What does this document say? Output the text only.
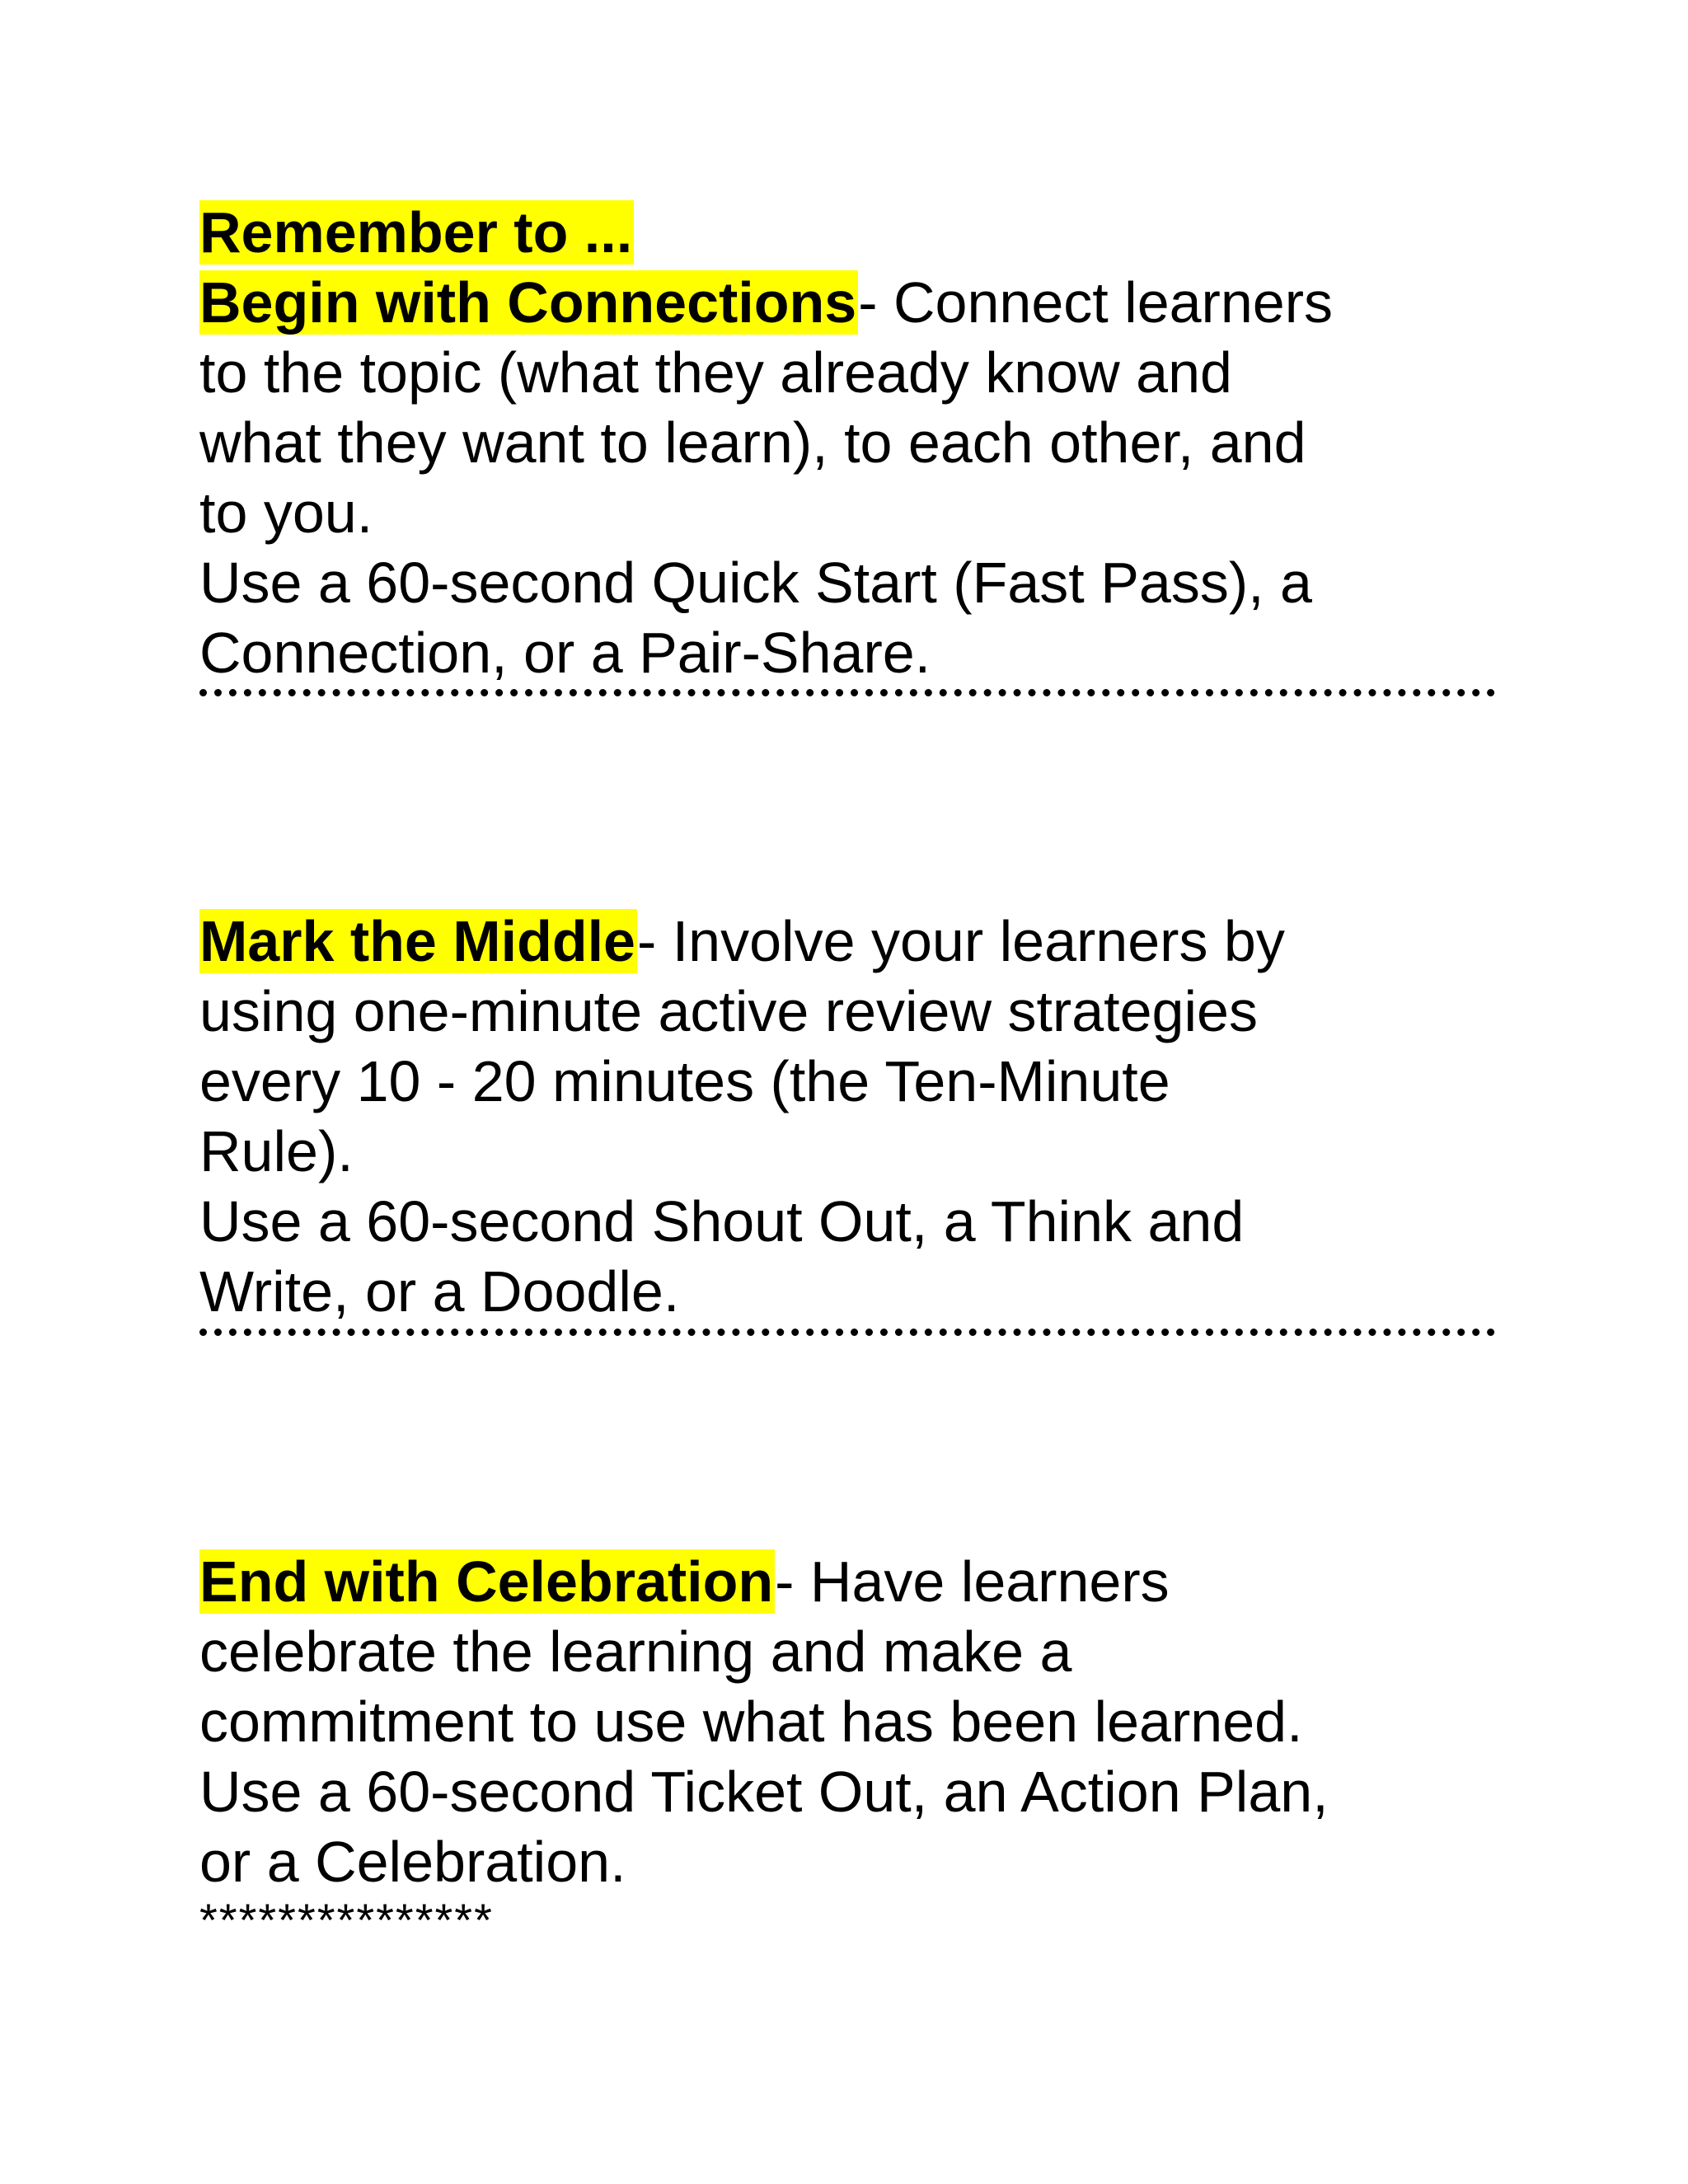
Remember to ...
Begin with Connections- Connect learners
to the topic (what they already know and
what they want to learn), to each other, and
to you.
Use a 60-second Quick Start (Fast Pass), a
Connection, or a Pair-Share.
Mark the Middle- Involve your learners by
using one-minute active review strategies
every 10 - 20 minutes (the Ten-Minute
Rule).
Use a 60-second Shout Out, a Think and
Write, or a Doodle.
End with Celebration- Have learners
celebrate the learning and make a
commitment to use what has been learned.
Use a 60-second Ticket Out, an Action Plan,
or a Celebration.
***************
